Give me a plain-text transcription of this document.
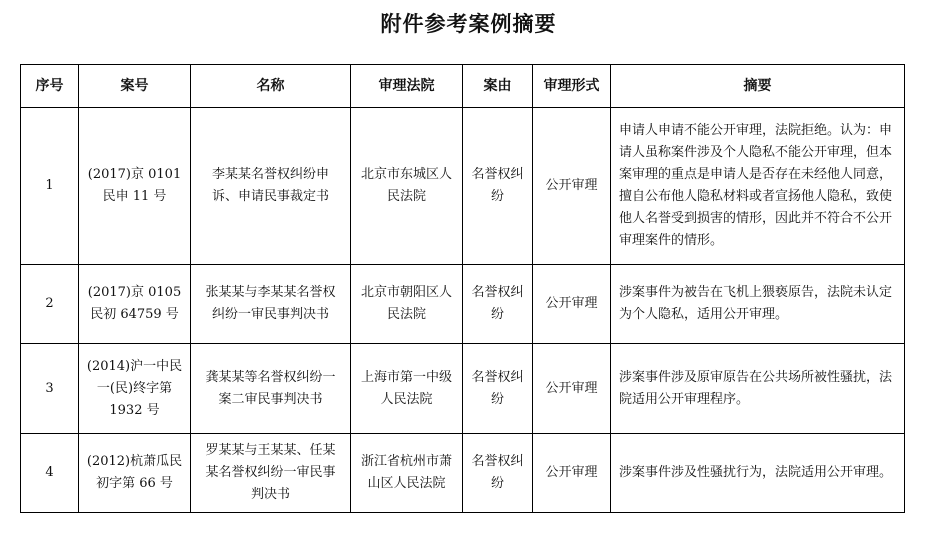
附件参考案例摘要
序号	案号	名称	审理法院	案由	审理形式	摘要
1	(2017)京 0101 民申 11 号	李某某名誉权纠纷申诉、申请民事裁定书	北京市东城区人民法院	名誉权纠纷	公开审理	申请人申请不能公开审理，法院拒绝。认为：申请人虽称案件涉及个人隐私不能公开审理，但本案审理的重点是申请人是否存在未经他人同意，擅自公布他人隐私材料或者宣扬他人隐私，致使他人名誉受到损害的情形，因此并不符合不公开审理案件的情形。
2	(2017)京 0105 民初 64759 号	张某某与李某某名誉权纠纷一审民事判决书	北京市朝阳区人民法院	名誉权纠纷	公开审理	涉案事件为被告在飞机上猥亵原告，法院未认定为个人隐私，适用公开审理。
3	(2014)沪一中民一(民)终字第 1932 号	龚某某等名誉权纠纷一案二审民事判决书	上海市第一中级人民法院	名誉权纠纷	公开审理	涉案事件涉及原审原告在公共场所被性骚扰，法院适用公开审理程序。
4	(2012)杭萧瓜民初字第 66 号	罗某某与王某某、任某某名誉权纠纷一审民事判决书	浙江省杭州市萧山区人民法院	名誉权纠纷	公开审理	涉案事件涉及性骚扰行为，法院适用公开审理。
